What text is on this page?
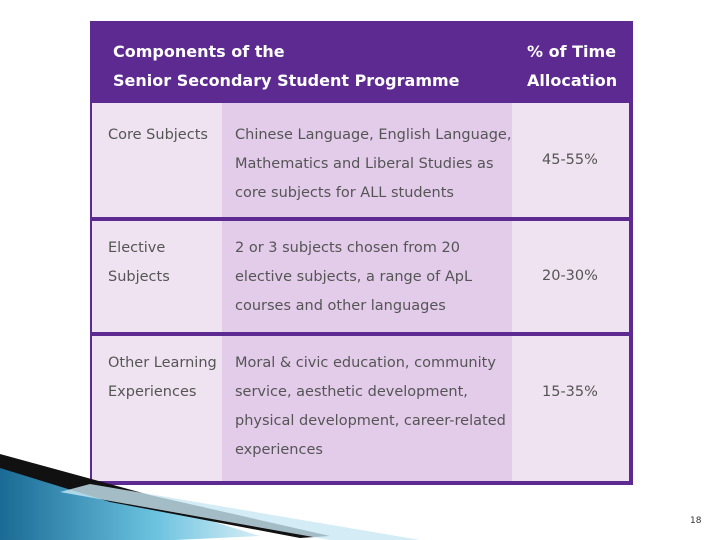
Components of the
Senior Secondary Student Programme
% of Time
Allocation
Core Subjects	Chinese Language, English Language,
Mathematics and Liberal Studies as
core subjects for ALL students
45-55%
Elective
Subjects
2 or 3 subjects chosen from 20
elective subjects, a range of ApL
courses and other languages
20-30%
Other Learning
Experiences
Moral & civic education, community
service, aesthetic development,
physical development, career-related
experiences
15-35%
18
